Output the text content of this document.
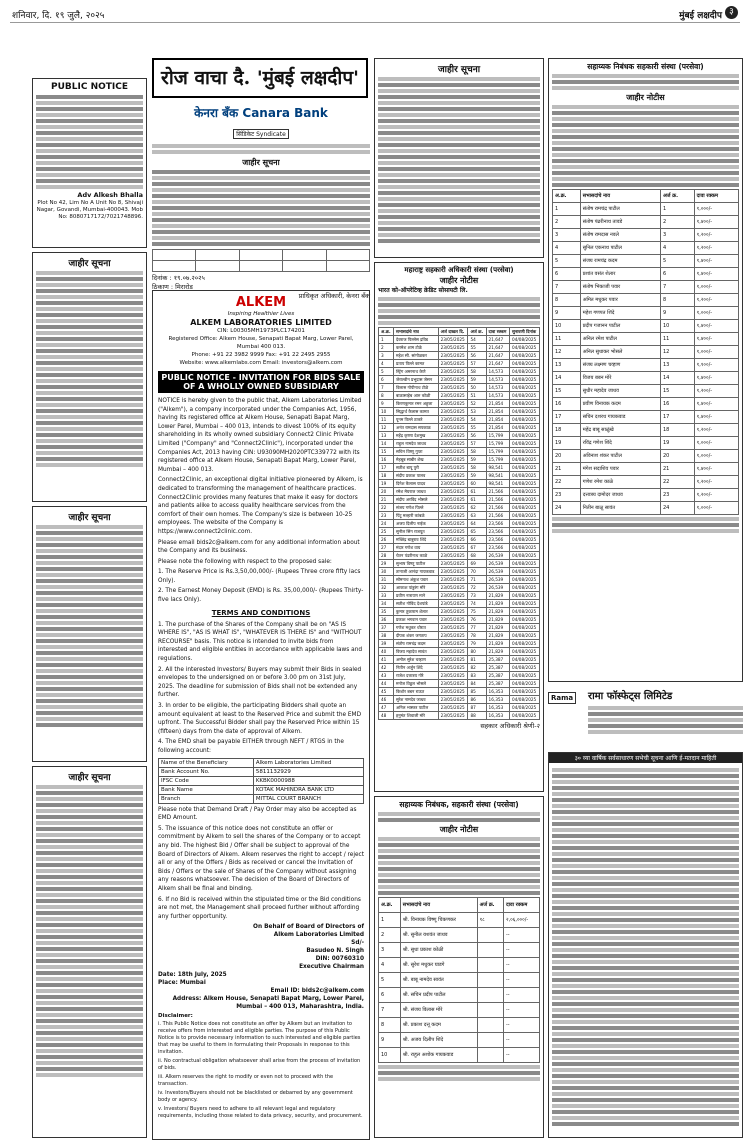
शनिवार, दि. १९ जुलै, २०२५	मुंबई लक्षदीप ३
PUBLIC NOTICE
Adv Alkesh Bhalla
Plot No 42, Lim No A Unit No 8, Shivaji Nagar, Govandi, Mumbai-400043. Mob No: 8080717172/7021748896.
जाहीर सूचना
जाहीर सूचना
जाहीर सूचना
रोज वाचा दै. 'मुंबई लक्षदीप'
केनरा बँक Canara Bank
सिंडिकेट Syndicate
जाहीर सूचना

दिनांक : १९.०७.२०२५
ठिकाण : मिरारोड
प्राधिकृत अधिकारी, केनरा बँक
ALKEM
Inspiring Healthier Lives
ALKEM LABORATORIES LIMITED
CIN: L00305MH1973PLC174201
Registered Office: Alkem House, Senapati Bapat Marg, Lower Parel, Mumbai 400 013.
Phone: +91 22 3982 9999 Fax: +91 22 2495 2955
Website: www.alkemlabs.com Email: investors@alkem.com
PUBLIC NOTICE - INVITATION FOR BIDS SALE OF A WHOLLY OWNED SUBSIDIARY

NOTICE is hereby given to the public that, Alkem Laboratories Limited ("Alkem"), a company incorporated under the Companies Act, 1956, having its registered office at Alkem House, Senapati Bapat Marg, Lower Parel, Mumbai – 400 013, intends to divest 100% of its equity shareholding in its wholly owned subsidiary Connect2 Clinic Private Limited ("Company" and "Connect2Clinic"), incorporated under the Companies Act, 2013 having CIN: U93090MH2020PTC339772 with its registered office at Alkem House, Senapati Bapat Marg, Lower Parel, Mumbai – 400 013.

Connect2Clinic, an exceptional digital initiative pioneered by Alkem, is dedicated to transforming the management of healthcare practices. Connect2Clinic provides many features that make it easy for doctors and patients alike to access quality healthcare services from the comfort of their own homes. The Company's size is between 10-25 employees. The website of the Company is https://www.connect2clinic.com.

Please email bids2c@alkem.com for any additional information about the Company and its business.

Please note the following with respect to the proposed sale:

1. The Reserve Price is Rs.3,50,00,000/- (Rupees Three crore fifty lacs Only).

2. The Earnest Money Deposit (EMD) is Rs. 35,00,000/- (Rupees Thirty-five lacs Only).

TERMS AND CONDITIONS

1. The purchase of the Shares of the Company shall be on "AS IS WHERE IS", "AS IS WHAT IS", "WHATEVER IS THERE IS" and "WITHOUT RECOURSE" basis. This notice is intended to invite bids from interested and eligible entities in accordance with applicable laws and regulations.

2. All the interested Investors/ Buyers may submit their Bids in sealed envelopes to the undersigned on or before 3.00 pm on 31st July, 2025. The deadline for submission of Bids shall not be extended any further.

3. In order to be eligible, the participating Bidders shall quote an amount equivalent at least to the Reserved Price and submit the EMD upfront. The Successful Bidder shall pay the Reserved Price within 15 (fifteen) days from the date of approval of Alkem.

4. The EMD shall be payable EITHER through NEFT / RTGS in the following account:

Name of the Beneficiary	Alkem Laboratories Limited
Bank Account No.	5811132929
IFSC Code	KKBK0000988
Bank Name	KOTAK MAHINDRA BANK LTD
Branch	MITTAL COURT BRANCH

Please note that Demand Draft / Pay Order may also be accepted as EMD Amount.

5. The issuance of this notice does not constitute an offer or commitment by Alkem to sell the shares of the Company or to accept any bid. The highest Bid / Offer shall be subject to approval of the Board of Directors of Alkem. Alkem reserves the right to accept / reject all or any of the Offers / Bids as received or cancel the Invitation of Bids / Offers or the sale of Shares of the Company without assigning any reasons whatsoever. The decision of the Board of Directors of Alkem shall be final and binding.

6. If no Bid is received within the stipulated time or the Bid conditions are not met, the Management shall proceed further without affording any further opportunity.

On Behalf of Board of Directors of
Alkem Laboratories Limited
Sd/-
Basudeo N. Singh
DIN: 00760310
Executive Chairman
Date: 18th July, 2025
Place: Mumbai
Email ID: bids2c@alkem.com
Address: Alkem House, Senapati Bapat Marg, Lower Parel, Mumbai – 400 013, Maharashtra, India.
Disclaimer:

i. This Public Notice does not constitute an offer by Alkem but an invitation to receive offers from interested and eligible parties. The purpose of this Public Notice is to provide necessary information to such interested and eligible parties that may be useful to them in formulating their Proposals in response to this invitation.

ii. No contractual obligation whatsoever shall arise from the process of invitation of bids.

iii. Alkem reserves the right to modify or even not to proceed with the transaction.

iv. Investors/Buyers should not be blacklisted or debarred by any government body or agency.

v. Investors/ Buyers need to adhere to all relevant legal and regulatory requirements, including those related to data privacy, security, and procurement.

जाहीर सूचना
महाराष्ट्र सहकारी अधिकारी संस्था (परसेवा)
जाहीर नोटीस
भारत को-ऑपरेटिव्ह क्रेडिट सोसायटी लि.
अ.क्र.	सभासदांचे नाव	अर्ज दाखल दि.	अर्ज क्र.	दावा रक्कम	सुनावणी दिनांक
1	देवराज पिल्लेस द्रविड	23/05/2025	54	21,647	04/08/2025
2	करमेश शाम टोळे	23/05/2025	55	21,647	04/08/2025
3	महेश सी. सांगोळकर	23/05/2025	56	21,647	04/08/2025
4	प्रताप पिल्ले कामत	23/05/2025	57	21,647	04/08/2025
5	स्ट्रिंग अमरनाथ केणे	23/05/2025	58	14,573	04/08/2025
6	जेराल्डीन प्रभूदास जेसन	23/05/2025	59	14,573	04/08/2025
7	विलास गोपीनाथ टोळे	23/05/2025	50	14,573	04/08/2025
8	बाळासाहेब आरु कोळी	23/05/2025	51	14,573	04/08/2025
9	किरणकुमार रमन अहुजा	23/05/2025	52	21,854	04/08/2025
10	सिद्धार्थ कैलास कामत	23/05/2025	53	21,854	04/08/2025
11	पूनम पिल्ले ठाकरे	23/05/2025	54	21,854	04/08/2025
12	अनंत रामदास सपकाळ	23/05/2025	55	21,854	04/08/2025
13	महेंद्र कृष्णा देशमुख	23/05/2025	56	15,799	04/08/2025
14	राहुल नामदेव जाधव	23/05/2025	57	15,799	04/08/2025
15	सचिन विष्णू गुप्ता	23/05/2025	58	15,799	04/08/2025
16	मेहबूब साबीर शेख	23/05/2025	59	15,799	04/08/2025
17	सतीश बापू पुरी	23/05/2025	58	98,541	04/08/2025
18	संदीप प्रकाश पालव	23/05/2025	59	98,541	04/08/2025
19	दिनेश कैलास यादव	23/05/2025	60	98,541	04/08/2025
20	रमेश मेघराज जाधव	23/05/2025	61	21,566	04/08/2025
21	संदीप अरविंद भोसले	23/05/2025	61	21,566	04/08/2025
22	संजय गणेश पिल्ले	23/05/2025	62	21,566	04/08/2025
23	पिंटू मल्हारी कांबळे	23/05/2025	63	21,566	04/08/2025
24	अजय दिलीप नाईक	23/05/2025	64	23,566	04/08/2025
25	सुनील सिंग राजपूत	23/05/2025	65	23,566	04/08/2025
26	मच्छिंद्र बाबुराव शिंदे	23/05/2025	66	23,566	04/08/2025
27	मंदार गणेश वाघ	23/05/2025	67	23,566	04/08/2025
28	चेतन पंढरीनाथ काळे	23/05/2025	68	26,539	04/08/2025
29	सुभाष विष्णू पाटील	23/05/2025	69	26,539	04/08/2025
30	तानाजी आनंदा गायकवाड	23/05/2025	70	26,539	04/08/2025
31	सोमनाथ अंकुश पवार	23/05/2025	71	26,539	04/08/2025
32	आकाश पांडुरंग मोरे	23/05/2025	72	26,539	04/08/2025
33	प्रवीण नारायण माने	23/05/2025	73	21,829	04/08/2025
34	सतीश गोविंद देशपांडे	23/05/2025	74	21,829	04/08/2025
35	कुमार तुकाराम शेलार	23/05/2025	75	21,829	04/08/2025
36	प्रकाश भगवान पवार	23/05/2025	76	21,829	04/08/2025
37	गणेश मधुकर थोरात	23/05/2025	77	21,829	04/08/2025
38	दीपक शंकर जगताप	23/05/2025	78	21,829	04/08/2025
39	संतोष रामचंद्र कदम	23/05/2025	79	21,829	04/08/2025
40	विजय महादेव सावंत	23/05/2025	80	21,829	04/08/2025
41	अमोल सुरेश चव्हाण	23/05/2025	81	25,387	04/08/2025
42	नितीन अर्जुन शिंदे	23/05/2025	82	25,387	04/08/2025
43	राजेश दत्तात्रय गोरे	23/05/2025	83	25,387	04/08/2025
44	मनोज विठ्ठल भोसले	23/05/2025	84	25,387	04/08/2025
45	किशोर बबन राऊत	23/05/2025	85	16,353	04/08/2025
46	सुरेश नामदेव जाधव	23/05/2025	86	16,353	04/08/2025
47	अनिल भास्कर पाटील	23/05/2025	87	16,353	04/08/2025
48	हनुमंत शिवाजी मोरे	23/05/2025	88	16,353	04/08/2025
सहकार अधिकारी श्रेणी-२
सहाय्यक निबंधक, सहकारी संस्था (परसेवा)
जाहीर नोटीस
अ.क्र.	सभासदांचे नाव	अर्ज क्र.	दावा रक्कम
1	श्री. विनायक विष्णू चिकणकर	१८	२,०६,०००/-
2	श्री. सुनील यशवंत जाधव		--
3	श्री. सुधा प्रकाश कोळी		--
4	श्री. सुरेश मधुकर घाडगे		--
5	श्री. बाबू नामदेव सावंत		--
6	श्री. सचिन प्रदीप पाटील		--
7	श्री. संजय विलास मोरे		--
8	श्री. प्रकाश दत्तू कदम		--
9	श्री. अजय दिलीप शिंदे		--
10	श्री. राहुल अशोक गायकवाड		--
सहाय्यक निबंधक सहकारी संस्था (परसेवा)
जाहीर नोटीस
अ.क्र.	सभासदांचे नाव	अर्ज क्र.	दावा रक्कम
1	संतोष रामचंद्र पाटील	1	१,०००/-
2	संतोष पंढरीनाथ तावडे	2	१,४००/-
3	संतोष रामदास नवले	3	१,२००/-
4	सुनिल एकनाथ पाटील	4	१,२००/-
5	संजय रामचंद्र कदम	5	१,४००/-
6	प्रशांत वसंत शेलार	6	१,४००/-
7	संतोष भिकाजी पवार	7	१,०००/-
8	अमित मधुकर पवार	8	१,२००/-
9	महेश गणपत शिंदे	9	१,०००/-
10	प्रदीप गजानन पाटील	10	१,४००/-
11	अनिल रमेश पाटील	11	१,४००/-
12	अनिल सुधाकर भोसले	12	१,०००/-
13	संजय लक्ष्मण चव्हाण	13	१,१००/-
14	विजय बबन मोरे	14	१,४००/-
15	सुधीर महादेव जाधव	15	१,२००/-
16	प्रवीण विनायक कदम	16	१,४००/-
17	सचिन दशरथ गायकवाड	17	१,४००/-
18	महेंद्र बाबू साळुंखे	18	१,२००/-
19	रविंद्र गणेश शिंदे	19	१,०००/-
20	अविनाश शंकर पाटील	20	१,०००/-
21	मंगेश सदाशिव पवार	21	१,४००/-
22	गणेश रमेश काळे	22	१,२००/-
23	दत्तात्रय दामोदर जाधव	23	१,२००/-
24	नितीन बाळू सावंत	24	१,०००/-
Rama	रामा फॉस्फेट्स लिमिटेड
३० व्या वार्षिक सर्वसाधारण सभेची सूचना आणि ई-मतदान माहिती
